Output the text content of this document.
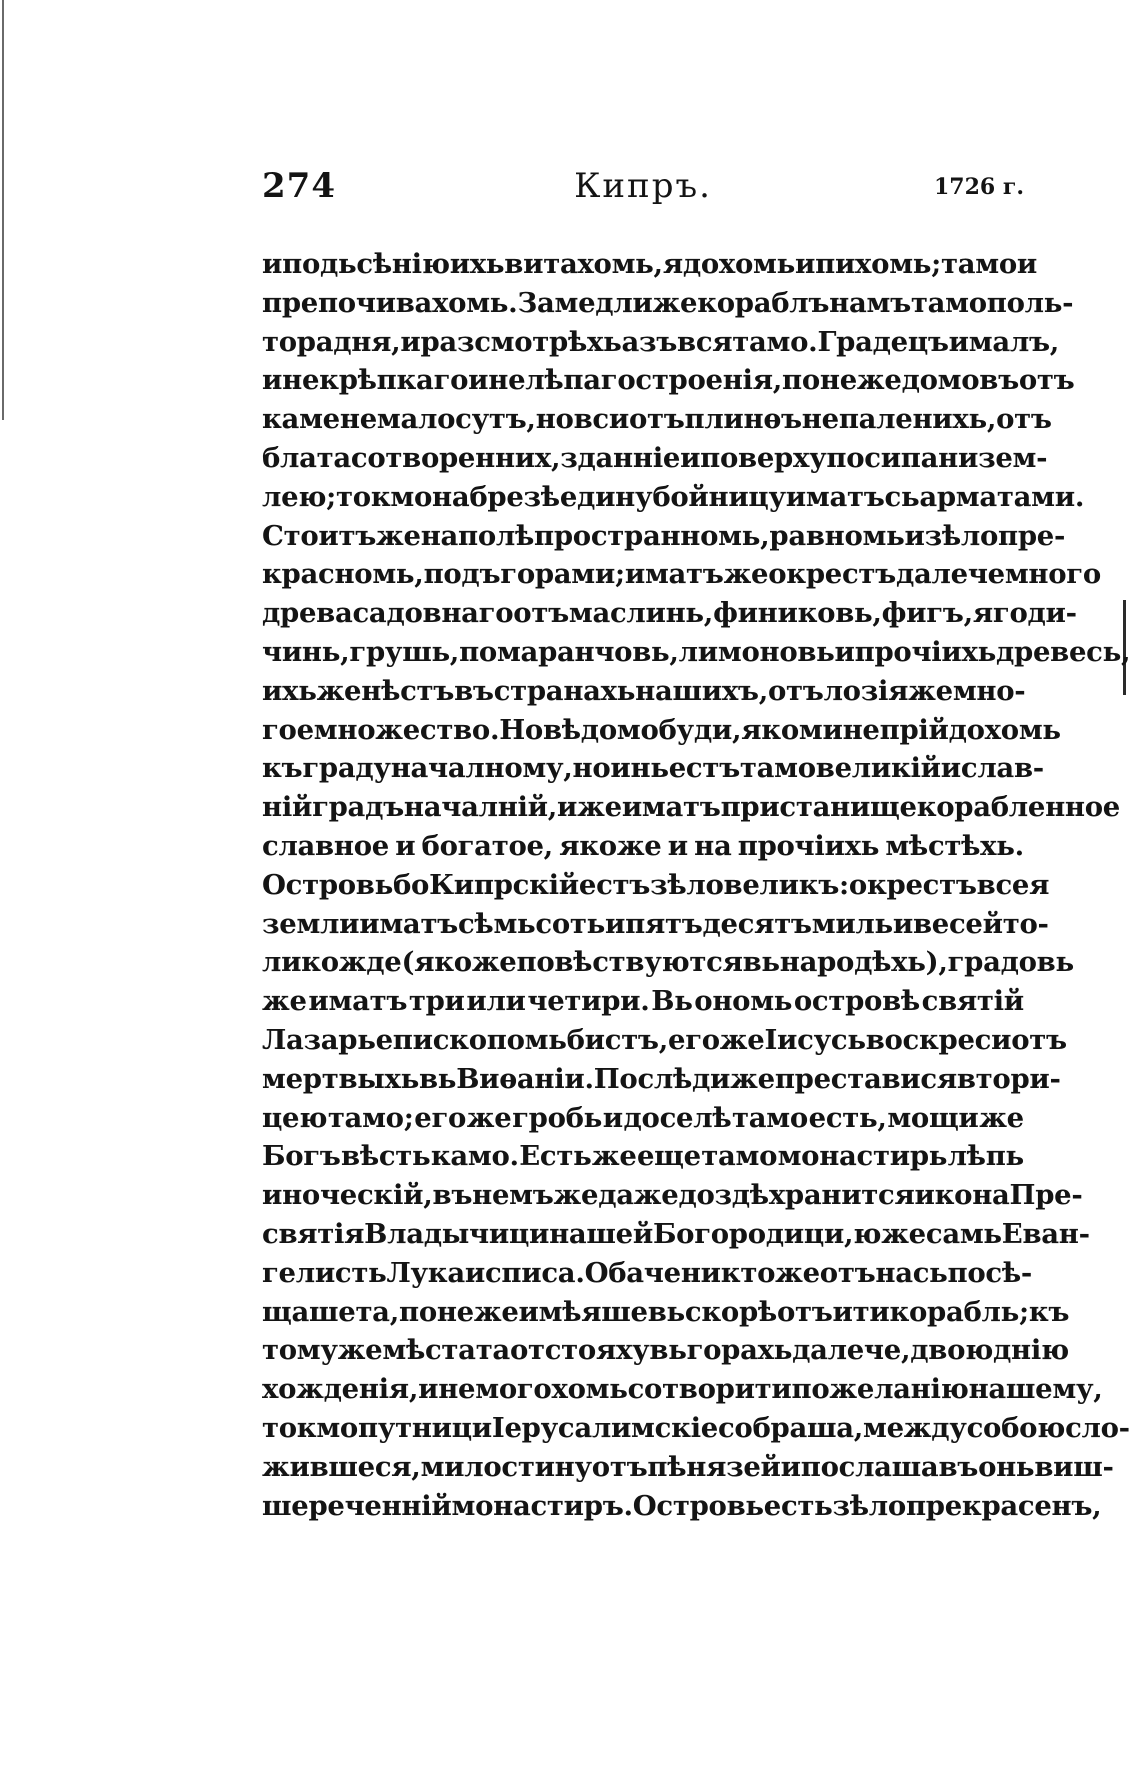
274	Кипръ.	1726 г.
и подь сѣнію ихь витахомь, ядохомь и пихомь; тамо и
препочивахомь. Замедли же кораблъ намъ тамо поль-
тора дня, и разсмотрѣхь азъ вся тамо. Градецъ и малъ,
и некрѣпкаго и нелѣпаго строенія, понеже домовъ отъ
камене мало сутъ, но вси отъ плинѳъ непаленихь, отъ
блата сотворенних, зданніе и поверху посипани зем-
лею; токмо на брезѣ едину бойницу иматъ сь арматами.
Стоитъ же на полѣ пространномь, равномь и зѣло пре-
красномь, подъ горами; иматъ же окрестъ далече много
древа садовнаго отъ маслинь, финиковь, фигъ, ягоди-
чинь, грушь, помаранчовь, лимоновь и прочіихь древесь,
ихь же нѣстъ въ странахь нашихъ, отъ лозія же мно-
гое множество. Но вѣдомо буди, яко ми не прійдохомь
къ граду началному, но инь естъ тамо великій и слав-
ній градъ началній, иже иматъ пристанище корабленное
славное и богатое, якоже и на прочіихь мѣстѣхь.
Островь бо Кипрскій естъ зѣло великъ: окрестъ всея
земли иматъ сѣмьсоть и пятъдесятъ миль и весей то-
ликожде (якоже повѣствуются вь народѣхь), градовь
же иматъ три или четири. Вь ономь островѣ святій
Лазарь епископомь бистъ, егоже Іисусь воскреси отъ
мертвыхь вь Виѳаніи. Послѣди же преставися втори-
цею тамо; его же гробь и доселѣ тамо есть, мощи же
Богъ вѣсть камо. Есть же еще тамо монастирь лѣпь
иноческій, въ немъ же даже доздѣ хранится икона Пре-
святія Владычици нашей Богородици, юже самь Еван-
гелисть Лука исписа. Обаче никтоже отъ нась посѣ-
щаше та, понеже имѣяше вьскорѣ отъити корабль; къ
тому же мѣста та отстояху вь горахь далече, двою днію
хожденія, и не могохомь сотворити по желанію нашему,
токмо путници Іерусалимскіе собраша, между собою сло-
жившеся, милостину отъ пѣнязей и послаша въ онь виш-
шереченній монастиръ. Островь есть зѣло прекрасенъ,
